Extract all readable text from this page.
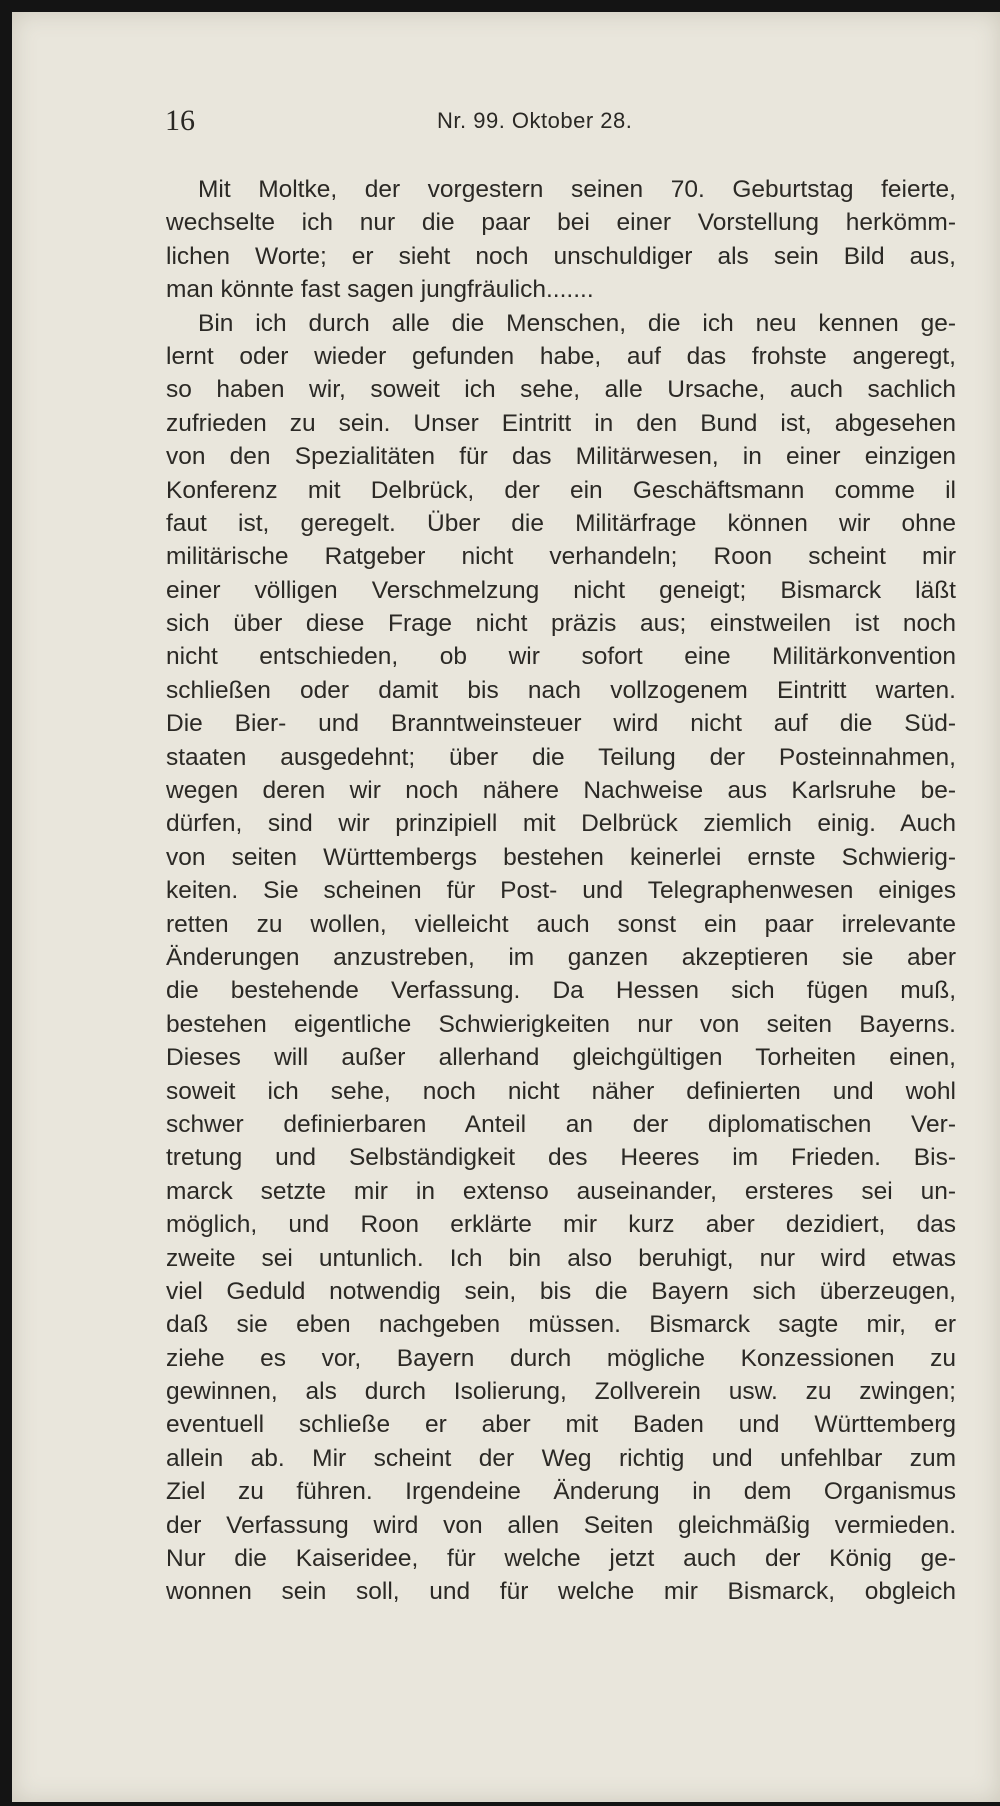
16	Nr. 99. Oktober 28.
Mit Moltke, der vorgestern seinen 70. Geburtstag feierte,
wechselte ich nur die paar bei einer Vorstellung herkömm-
lichen Worte; er sieht noch unschuldiger als sein Bild aus,
man könnte fast sagen jungfräulich.......
Bin ich durch alle die Menschen, die ich neu kennen ge-
lernt oder wieder gefunden habe, auf das frohste angeregt,
so haben wir, soweit ich sehe, alle Ursache, auch sachlich
zufrieden zu sein. Unser Eintritt in den Bund ist, abgesehen
von den Spezialitäten für das Militärwesen, in einer einzigen
Konferenz mit Delbrück, der ein Geschäftsmann comme il
faut ist, geregelt. Über die Militärfrage können wir ohne
militärische Ratgeber nicht verhandeln; Roon scheint mir
einer völligen Verschmelzung nicht geneigt; Bismarck läßt
sich über diese Frage nicht präzis aus; einstweilen ist noch
nicht entschieden, ob wir sofort eine Militärkonvention
schließen oder damit bis nach vollzogenem Eintritt warten.
Die Bier- und Branntweinsteuer wird nicht auf die Süd-
staaten ausgedehnt; über die Teilung der Posteinnahmen,
wegen deren wir noch nähere Nachweise aus Karlsruhe be-
dürfen, sind wir prinzipiell mit Delbrück ziemlich einig. Auch
von seiten Württembergs bestehen keinerlei ernste Schwierig-
keiten. Sie scheinen für Post- und Telegraphenwesen einiges
retten zu wollen, vielleicht auch sonst ein paar irrelevante
Änderungen anzustreben, im ganzen akzeptieren sie aber
die bestehende Verfassung. Da Hessen sich fügen muß,
bestehen eigentliche Schwierigkeiten nur von seiten Bayerns.
Dieses will außer allerhand gleichgültigen Torheiten einen,
soweit ich sehe, noch nicht näher definierten und wohl
schwer definierbaren Anteil an der diplomatischen Ver-
tretung und Selbständigkeit des Heeres im Frieden. Bis-
marck setzte mir in extenso auseinander, ersteres sei un-
möglich, und Roon erklärte mir kurz aber dezidiert, das
zweite sei untunlich. Ich bin also beruhigt, nur wird etwas
viel Geduld notwendig sein, bis die Bayern sich überzeugen,
daß sie eben nachgeben müssen. Bismarck sagte mir, er
ziehe es vor, Bayern durch mögliche Konzessionen zu
gewinnen, als durch Isolierung, Zollverein usw. zu zwingen;
eventuell schließe er aber mit Baden und Württemberg
allein ab. Mir scheint der Weg richtig und unfehlbar zum
Ziel zu führen. Irgendeine Änderung in dem Organismus
der Verfassung wird von allen Seiten gleichmäßig vermieden.
Nur die Kaiseridee, für welche jetzt auch der König ge-
wonnen sein soll, und für welche mir Bismarck, obgleich
